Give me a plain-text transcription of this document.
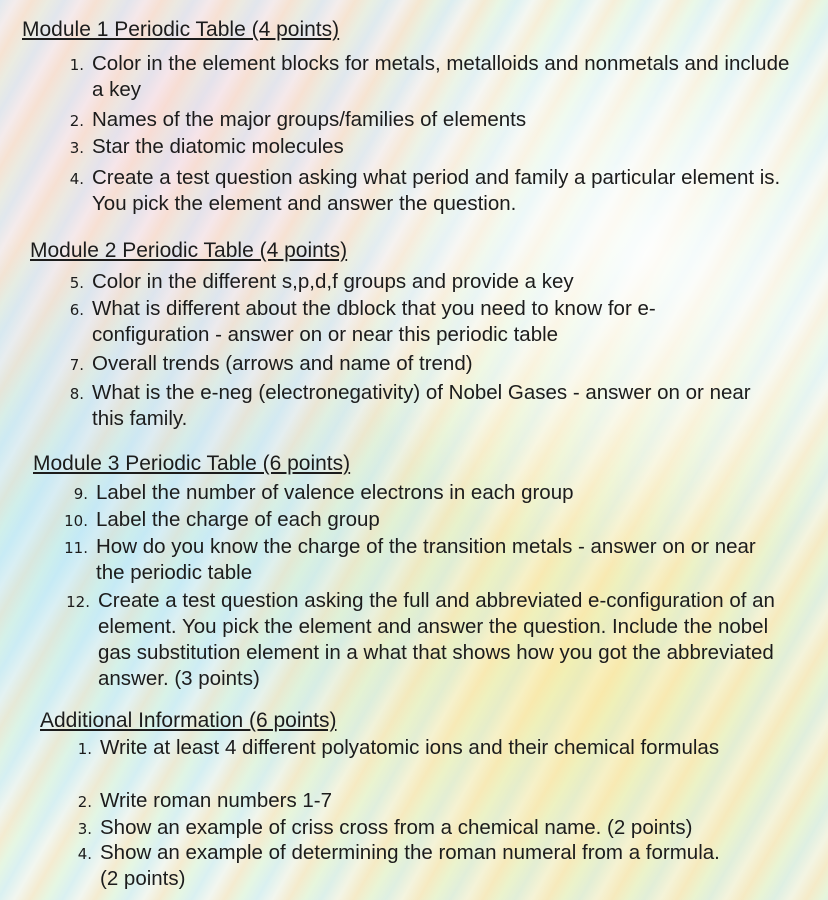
Module 1 Periodic Table (4 points)
1. Color in the element blocks for metals, metalloids and nonmetals and include a key
2. Names of the major groups/families of elements
3. Star the diatomic molecules
4. Create a test question asking what period and family a particular element is. You pick the element and answer the question.
Module 2 Periodic Table (4 points)
5. Color in the different s,p,d,f groups and provide a key
6. What is different about the dblock that you need to know for e-configuration - answer on or near this periodic table
7. Overall trends (arrows and name of trend)
8. What is the e-neg (electronegativity) of Nobel Gases - answer on or near this family.
Module 3 Periodic Table (6 points)
9. Label the number of valence electrons in each group
10. Label the charge of each group
11. How do you know the charge of the transition metals - answer on or near the periodic table
12. Create a test question asking the full and abbreviated e-configuration of an element. You pick the element and answer the question. Include the nobel gas substitution element in a what that shows how you got the abbreviated answer. (3 points)
Additional Information (6 points)
1. Write at least 4 different polyatomic ions and their chemical formulas
2. Write roman numbers 1-7
3. Show an example of criss cross from a chemical name. (2 points)
4. Show an example of determining the roman numeral from a formula. (2 points)
